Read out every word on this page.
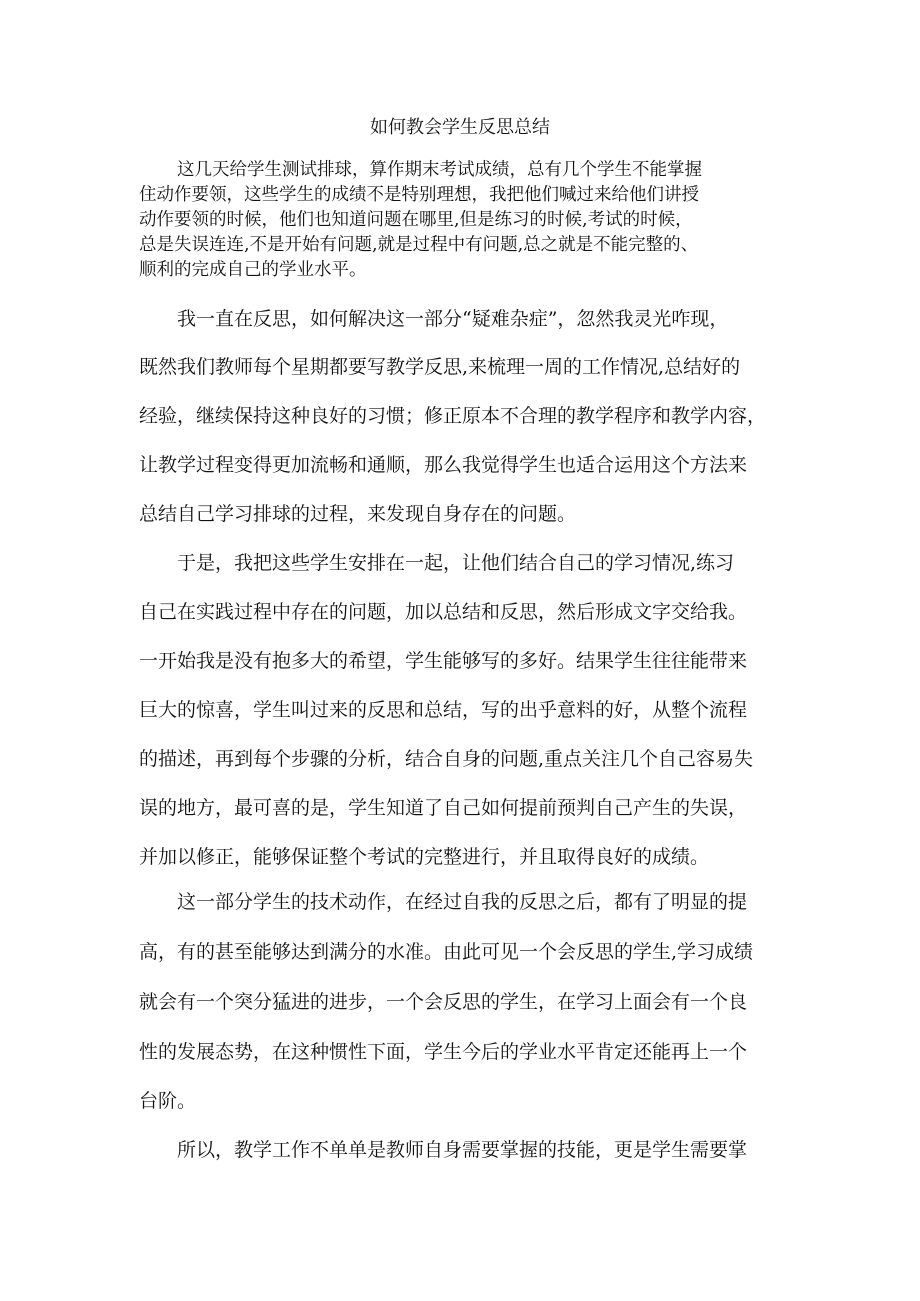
如何教会学生反思总结
这几天给学生测试排球，算作期末考试成绩，总有几个学生不能掌握
住动作要领，这些学生的成绩不是特别理想，我把他们喊过来给他们讲授
动作要领的时候，他们也知道问题在哪里,但是练习的时候,考试的时候，
总是失误连连,不是开始有问题,就是过程中有问题,总之就是不能完整的、
顺利的完成自己的学业水平。
我一直在反思，如何解决这一部分“疑难杂症”，忽然我灵光咋现，
既然我们教师每个星期都要写教学反思,来梳理一周的工作情况,总结好的
经验，继续保持这种良好的习惯；修正原本不合理的教学程序和教学内容，
让教学过程变得更加流畅和通顺，那么我觉得学生也适合运用这个方法来
总结自己学习排球的过程，来发现自身存在的问题。
于是，我把这些学生安排在一起，让他们结合自己的学习情况,练习
自己在实践过程中存在的问题，加以总结和反思，然后形成文字交给我。
一开始我是没有抱多大的希望，学生能够写的多好。结果学生往往能带来
巨大的惊喜，学生叫过来的反思和总结，写的出乎意料的好，从整个流程
的描述，再到每个步骤的分析，结合自身的问题,重点关注几个自己容易失
误的地方，最可喜的是，学生知道了自己如何提前预判自己产生的失误，
并加以修正，能够保证整个考试的完整进行，并且取得良好的成绩。
这一部分学生的技术动作，在经过自我的反思之后，都有了明显的提
高，有的甚至能够达到满分的水准。由此可见一个会反思的学生,学习成绩
就会有一个突分猛进的进步，一个会反思的学生，在学习上面会有一个良
性的发展态势，在这种惯性下面，学生今后的学业水平肯定还能再上一个
台阶。
所以，教学工作不单单是教师自身需要掌握的技能，更是学生需要掌
